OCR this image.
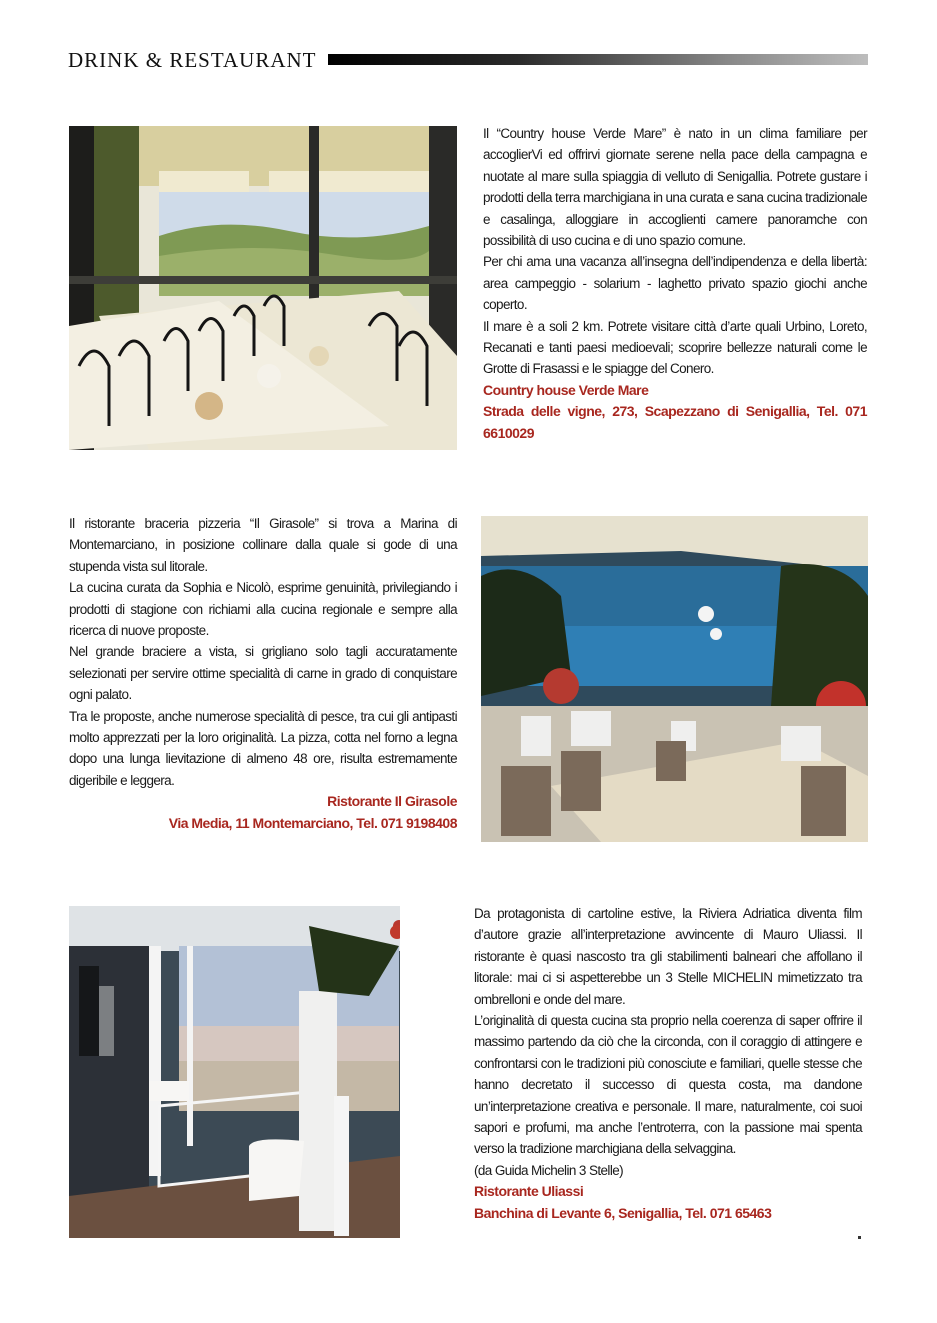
DRINK & RESTAURANT

Il “Country house Verde Mare” è nato in un clima familiare per accoglierVi ed offrirvi giornate serene nella pace della campagna e nuotate al mare sulla spiaggia di velluto di Senigallia. Potrete gustare i prodotti della terra marchigiana in una curata e sana cucina tradizionale e casalinga, alloggiare in accoglienti camere panoramche con possibilità di uso cucina e di uno spazio comune.

Per chi ama una vacanza all’insegna dell’indipendenza e della libertà: area campeggio - solarium - laghetto privato spazio giochi anche coperto.

Il mare è a soli 2 km. Potrete visitare città d’arte quali Urbino, Loreto, Recanati e tanti paesi medioevali; scoprire bellezze naturali come le Grotte di Frasassi e le spiagge del Conero.

Country house Verde Mare

Strada delle vigne, 273, Scapezzano di Senigallia, Tel. 071 6610029

Il ristorante braceria pizzeria “Il Girasole” si trova a Marina di Montemarciano, in posizione collinare dalla quale si gode di una stupenda vista sul litorale.

La cucina curata da Sophia e Nicolò, esprime genuinità, privilegiando i prodotti di stagione con richiami alla cucina regionale e sempre alla ricerca di nuove proposte.

Nel grande braciere a vista, si grigliano solo tagli accuratamente selezionati per servire ottime specialità di carne in grado di conquistare ogni palato.

Tra le proposte, anche numerose specialità di pesce, tra cui gli antipasti molto apprezzati per la loro originalità. La pizza, cotta nel forno a legna dopo una lunga lievitazione di almeno 48 ore, risulta estremamente digeribile e leggera.

Ristorante Il Girasole

Via Media, 11 Montemarciano, Tel. 071 9198408

Da protagonista di cartoline estive, la Riviera Adriatica diventa film d’autore grazie all’interpretazione avvincente di Mauro Uliassi. Il ristorante è quasi nascosto tra gli stabilimenti balneari che affollano il litorale: mai ci si aspetterebbe un 3 Stelle MICHELIN mimetizzato tra ombrelloni e onde del mare.

L’originalità di questa cucina sta proprio nella coerenza di saper offrire il massimo partendo da ciò che la circonda, con il coraggio di attingere e confrontarsi con le tradizioni più conosciute e familiari, quelle stesse che hanno decretato il successo di questa costa, ma dandone un’interpretazione creativa e personale. Il mare, naturalmente, coi suoi sapori e profumi, ma anche l’entroterra, con la passione mai spenta verso la tradizione marchigiana della selvaggina.

(da Guida Michelin 3 Stelle)

Ristorante Uliassi

Banchina di Levante 6, Senigallia, Tel. 071 65463
